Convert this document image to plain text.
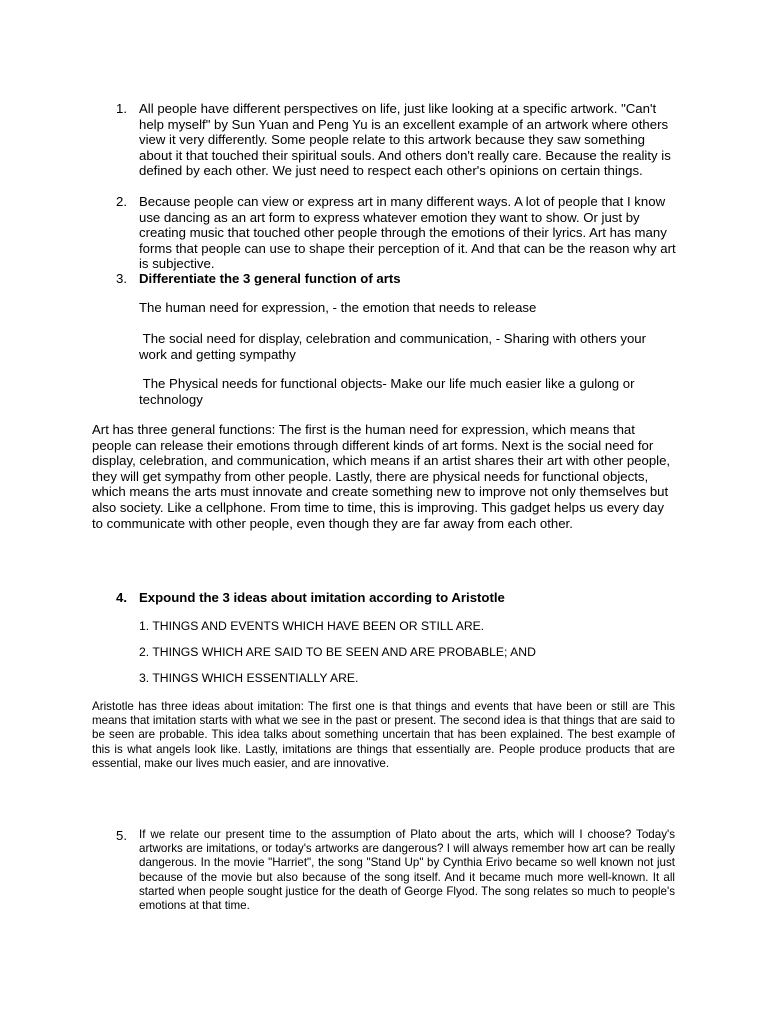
1. All people have different perspectives on life, just like looking at a specific artwork. "Can't help myself" by Sun Yuan and Peng Yu is an excellent example of an artwork where others view it very differently. Some people relate to this artwork because they saw something about it that touched their spiritual souls. And others don't really care. Because the reality is defined by each other. We just need to respect each other's opinions on certain things.
2. Because people can view or express art in many different ways. A lot of people that I know use dancing as an art form to express whatever emotion they want to show. Or just by creating music that touched other people through the emotions of their lyrics. Art has many forms that people can use to shape their perception of it. And that can be the reason why art is subjective.
3. Differentiate the 3 general function of arts
The human need for expression, - the emotion that needs to release
The social need for display, celebration and communication, - Sharing with others your work and getting sympathy
The Physical needs for functional objects- Make our life much easier like a gulong or technology
Art has three general functions: The first is the human need for expression, which means that people can release their emotions through different kinds of art forms. Next is the social need for display, celebration, and communication, which means if an artist shares their art with other people, they will get sympathy from other people. Lastly, there are physical needs for functional objects, which means the arts must innovate and create something new to improve not only themselves but also society. Like a cellphone. From time to time, this is improving. This gadget helps us every day to communicate with other people, even though they are far away from each other.
4. Expound the 3 ideas about imitation according to Aristotle
1. THINGS AND EVENTS WHICH HAVE BEEN OR STILL ARE.
2. THINGS WHICH ARE SAID TO BE SEEN AND ARE PROBABLE; AND
3. THINGS WHICH ESSENTIALLY ARE.
Aristotle has three ideas about imitation: The first one is that things and events that have been or still are This means that imitation starts with what we see in the past or present. The second idea is that things that are said to be seen are probable. This idea talks about something uncertain that has been explained. The best example of this is what angels look like. Lastly, imitations are things that essentially are. People produce products that are essential, make our lives much easier, and are innovative.
5. If we relate our present time to the assumption of Plato about the arts, which will I choose? Today's artworks are imitations, or today's artworks are dangerous? I will always remember how art can be really dangerous. In the movie "Harriet", the song "Stand Up" by Cynthia Erivo became so well known not just because of the movie but also because of the song itself. And it became much more well-known. It all started when people sought justice for the death of George Flyod. The song relates so much to people's emotions at that time.
